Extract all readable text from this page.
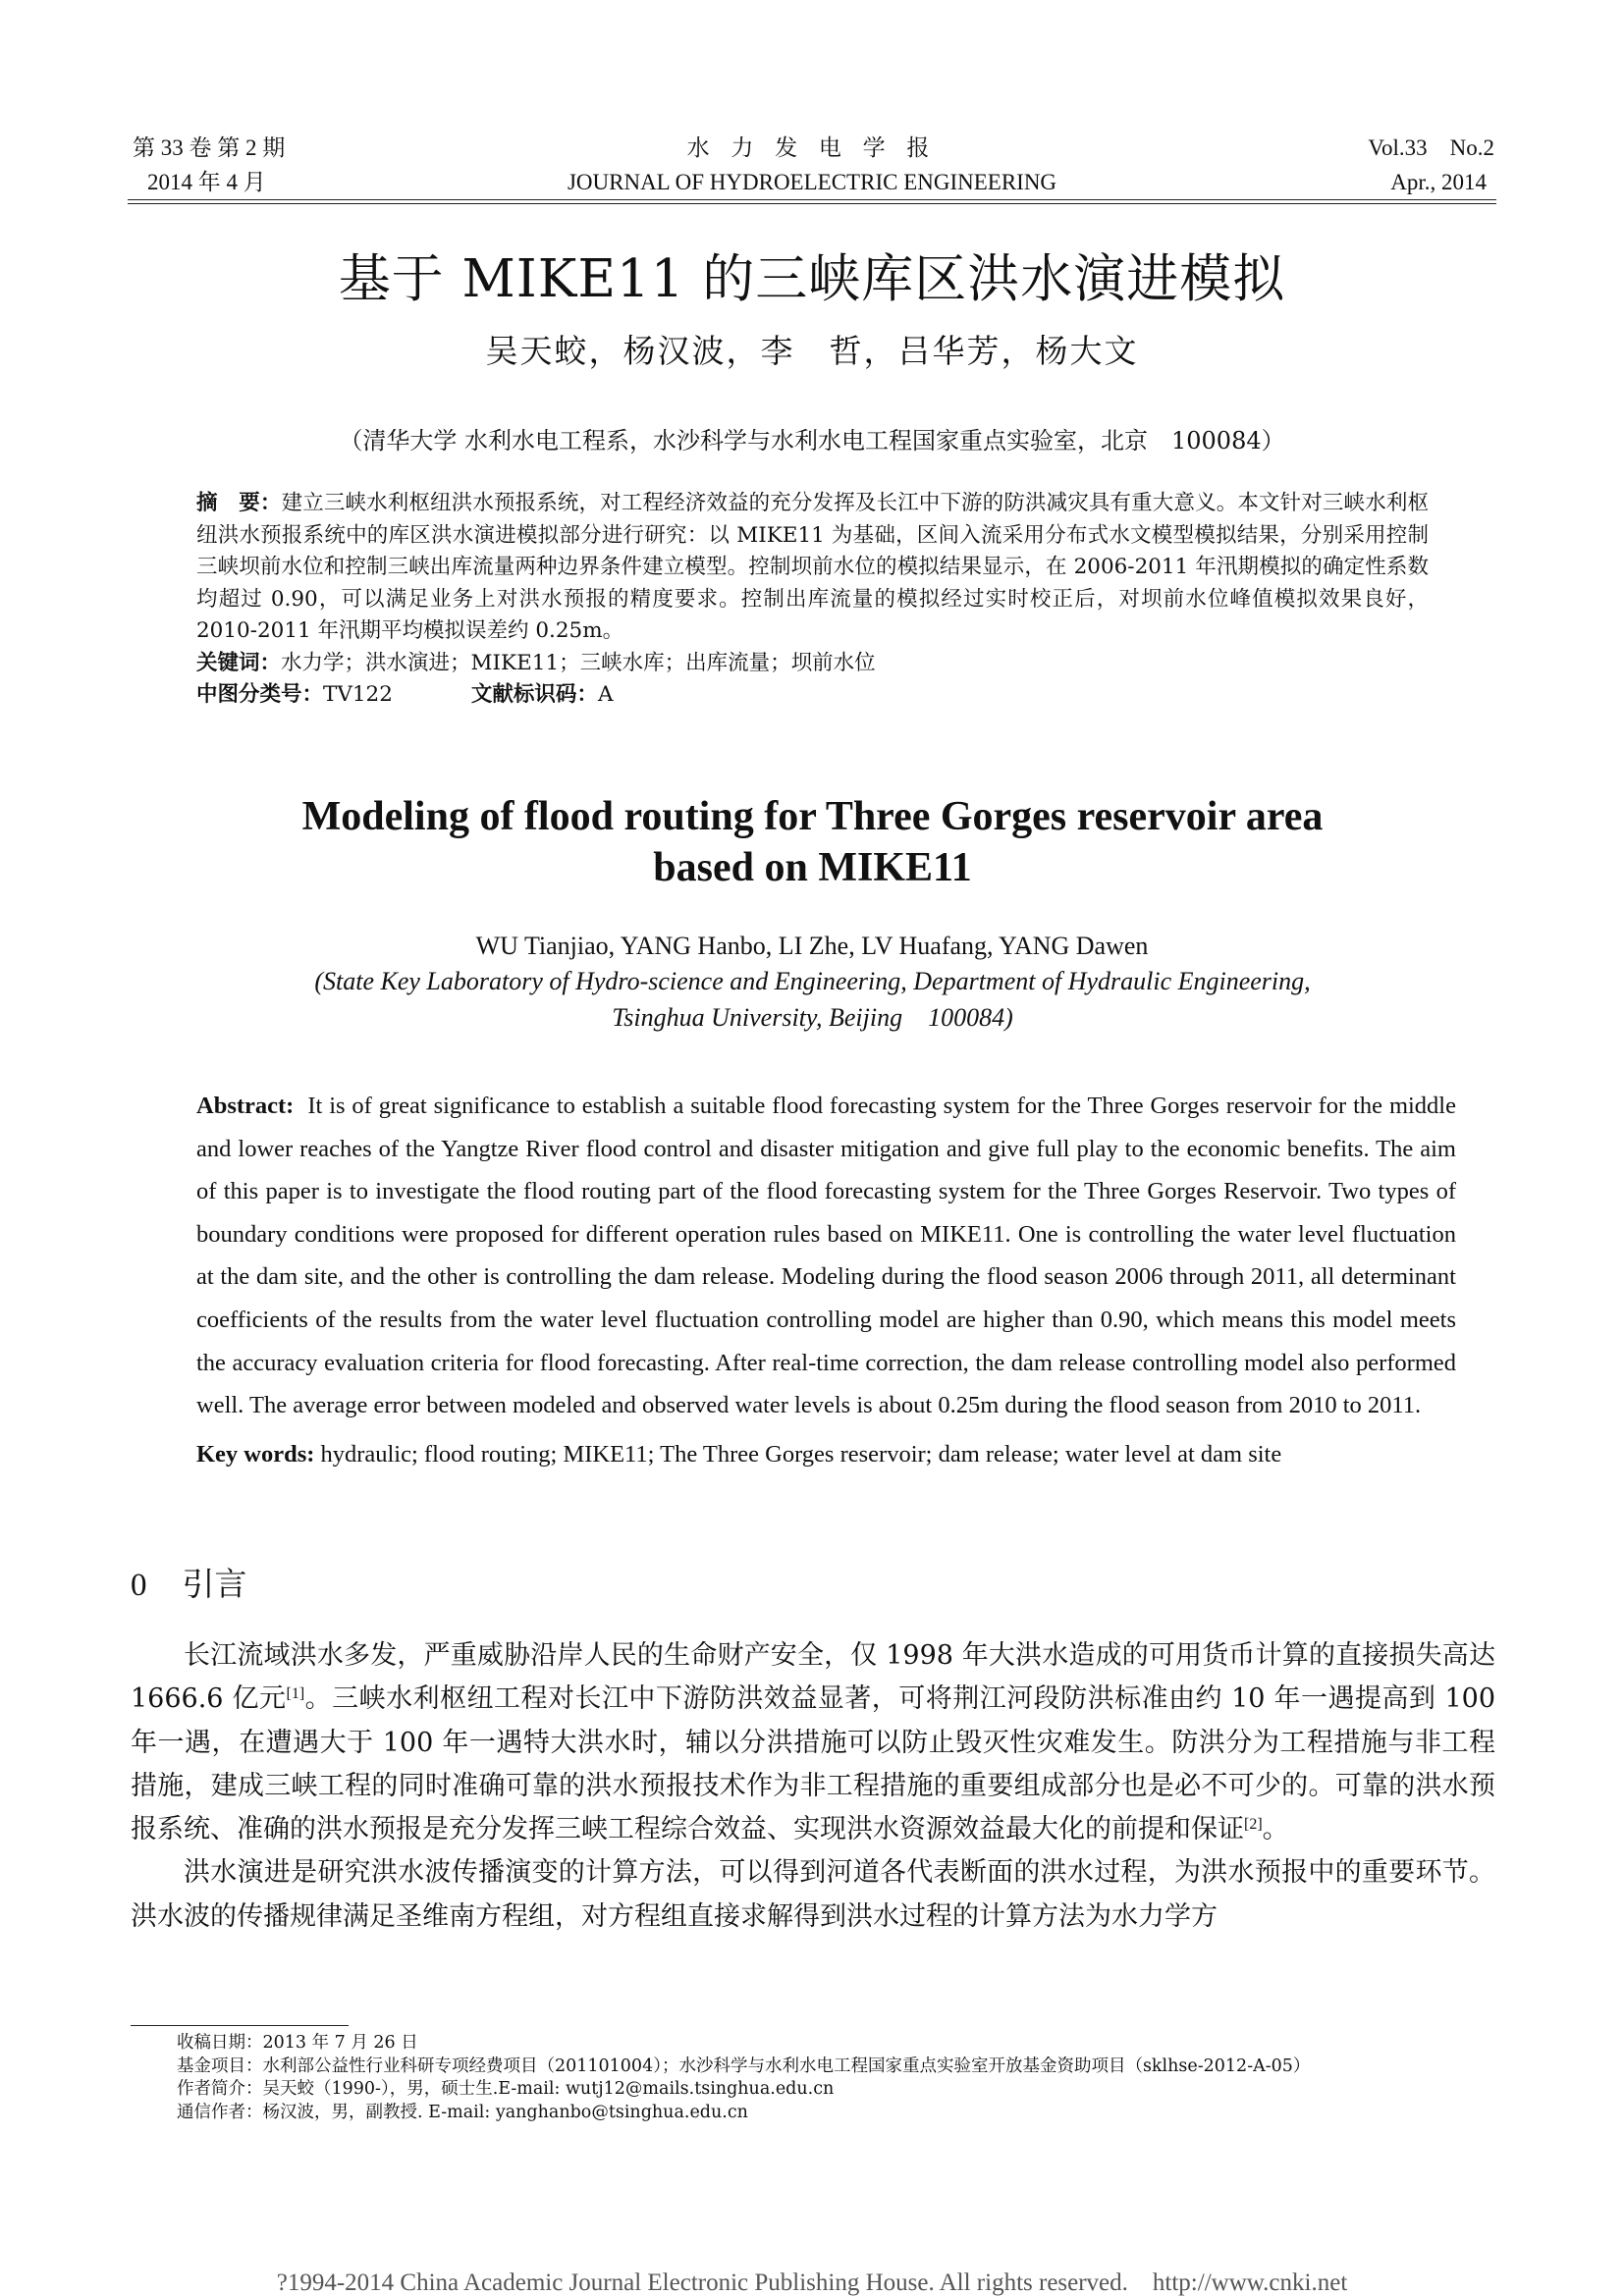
第 33 卷 第 2 期
2014 年 4 月
水 力 发 电 学 报
JOURNAL OF HYDROELECTRIC ENGINEERING
Vol.33    No.2
Apr., 2014
基于 MIKE11 的三峡库区洪水演进模拟
吴天蛟，杨汉波，李　哲，吕华芳，杨大文
（清华大学 水利水电工程系，水沙科学与水利水电工程国家重点实验室，北京　100084）

摘　要：建立三峡水利枢纽洪水预报系统，对工程经济效益的充分发挥及长江中下游的防洪减灾具有重大意义。本文针对三峡水利枢纽洪水预报系统中的库区洪水演进模拟部分进行研究：以 MIKE11 为基础，区间入流采用分布式水文模型模拟结果，分别采用控制三峡坝前水位和控制三峡出库流量两种边界条件建立模型。控制坝前水位的模拟结果显示，在 2006-2011 年汛期模拟的确定性系数均超过 0.90，可以满足业务上对洪水预报的精度要求。控制出库流量的模拟经过实时校正后，对坝前水位峰值模拟效果良好，2010-2011 年汛期平均模拟误差约 0.25m。

关键词：水力学；洪水演进；MIKE11；三峡水库；出库流量；坝前水位

中图分类号：TV122	文献标识码：A

Modeling of flood routing for Three Gorges reservoir area
based on MIKE11
WU Tianjiao, YANG Hanbo, LI Zhe, LV Huafang, YANG Dawen
(State Key Laboratory of Hydro-science and Engineering, Department of Hydraulic Engineering,
Tsinghua University, Beijing    100084)

Abstract: It is of great significance to establish a suitable flood forecasting system for the Three Gorges reservoir for the middle and lower reaches of the Yangtze River flood control and disaster mitigation and give full play to the economic benefits. The aim of this paper is to investigate the flood routing part of the flood forecasting system for the Three Gorges Reservoir. Two types of boundary conditions were proposed for different operation rules based on MIKE11. One is controlling the water level fluctuation at the dam site, and the other is controlling the dam release. Modeling during the flood season 2006 through 2011, all determinant coefficients of the results from the water level fluctuation controlling model are higher than 0.90, which means this model meets the accuracy evaluation criteria for flood forecasting. After real-time correction, the dam release controlling model also performed well. The average error between modeled and observed water levels is about 0.25m during the flood season from 2010 to 2011.

Key words: hydraulic; flood routing; MIKE11; The Three Gorges reservoir; dam release; water level at dam site

0 引言

长江流域洪水多发，严重威胁沿岸人民的生命财产安全，仅 1998 年大洪水造成的可用货币计算的直接损失高达 1666.6 亿元[1]。三峡水利枢纽工程对长江中下游防洪效益显著，可将荆江河段防洪标准由约 10 年一遇提高到 100 年一遇，在遭遇大于 100 年一遇特大洪水时，辅以分洪措施可以防止毁灭性灾难发生。防洪分为工程措施与非工程措施，建成三峡工程的同时准确可靠的洪水预报技术作为非工程措施的重要组成部分也是必不可少的。可靠的洪水预报系统、准确的洪水预报是充分发挥三峡工程综合效益、实现洪水资源效益最大化的前提和保证[2]。

洪水演进是研究洪水波传播演变的计算方法，可以得到河道各代表断面的洪水过程，为洪水预报中的重要环节。洪水波的传播规律满足圣维南方程组，对方程组直接求解得到洪水过程的计算方法为水力学方

收稿日期：2013 年 7 月 26 日
基金项目：水利部公益性行业科研专项经费项目（201101004）；水沙科学与水利水电工程国家重点实验室开放基金资助项目（sklhse-2012-A-05）
作者简介：吴天蛟（1990-），男，硕士生.E-mail: wutj12@mails.tsinghua.edu.cn
通信作者：杨汉波，男，副教授. E-mail: yanghanbo@tsinghua.edu.cn
?1994-2014 China Academic Journal Electronic Publishing House. All rights reserved.    http://www.cnki.net
